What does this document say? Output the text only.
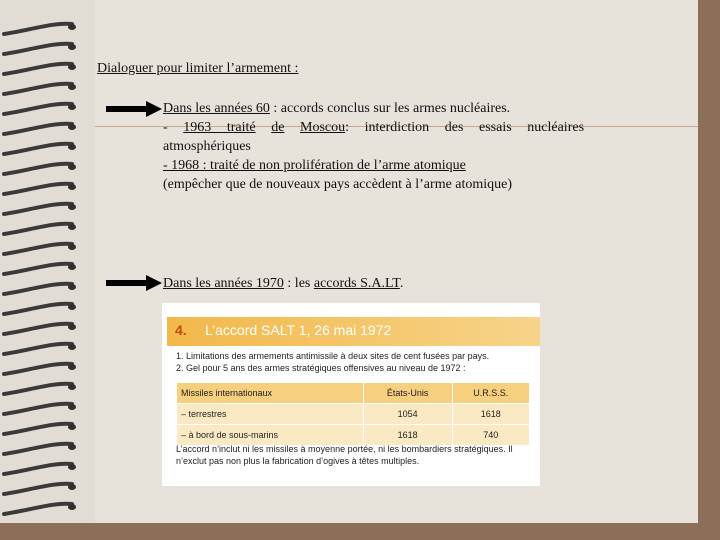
Dialoguer pour limiter l’armement :

Dans les années 60 : accords conclus sur les armes nucléaires.

- 1963 traité de Moscou: interdiction des essais nucléaires

atmosphériques

- 1968 : traité de non prolifération de l’arme atomique

(empêcher que de nouveaux pays accèdent à l’arme atomique)

Dans les années 1970 : les accords S.A.LT.
4. L’accord SALT 1, 26 mai 1972
1. Limitations des armements antimissile à deux sites de cent fusées par pays.
2. Gel pour 5 ans des armes stratégiques offensives au niveau de 1972 :
Missiles internationaux	États-Unis	U.R.S.S.
– terrestres	1054	1618
– à bord de sous-marins	1618	740
L’accord n’inclut ni les missiles à moyenne portée, ni les bombardiers stratégiques. Il n’exclut pas non plus la fabrication d’ogives à têtes multiples.
